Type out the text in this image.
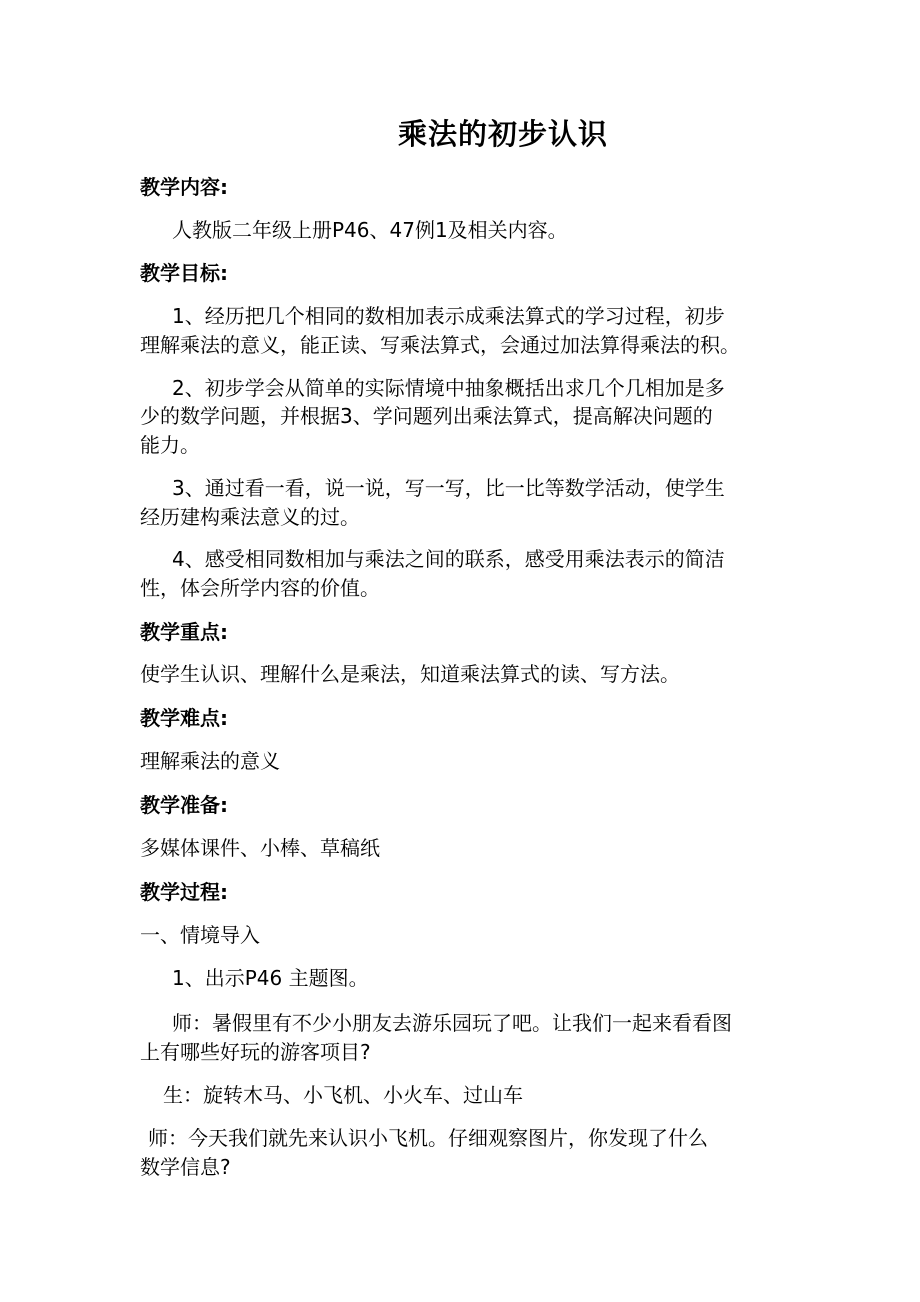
乘法的初步认识
教学内容:
人教版二年级上册P46、47例1及相关内容。
教学目标:
1、经历把几个相同的数相加表示成乘法算式的学习过程，初步
理解乘法的意义，能正读、写乘法算式，会通过加法算得乘法的积。
2、初步学会从简单的实际情境中抽象概括出求几个几相加是多
少的数学问题，并根据3、学问题列出乘法算式，提高解决问题的
能力。
3、通过看一看，说一说，写一写，比一比等数学活动，使学生
经历建构乘法意义的过。
4、感受相同数相加与乘法之间的联系，感受用乘法表示的简洁
性，体会所学内容的价值。
教学重点:
使学生认识、理解什么是乘法，知道乘法算式的读、写方法。
教学难点:
理解乘法的意义
教学准备:
多媒体课件、小棒、草稿纸
教学过程:
一、情境导入
1、出示P46 主题图。
师：暑假里有不少小朋友去游乐园玩了吧。让我们一起来看看图
上有哪些好玩的游客项目?
生：旋转木马、小飞机、小火车、过山车
师：今天我们就先来认识小飞机。仔细观察图片，你发现了什么
数学信息?
